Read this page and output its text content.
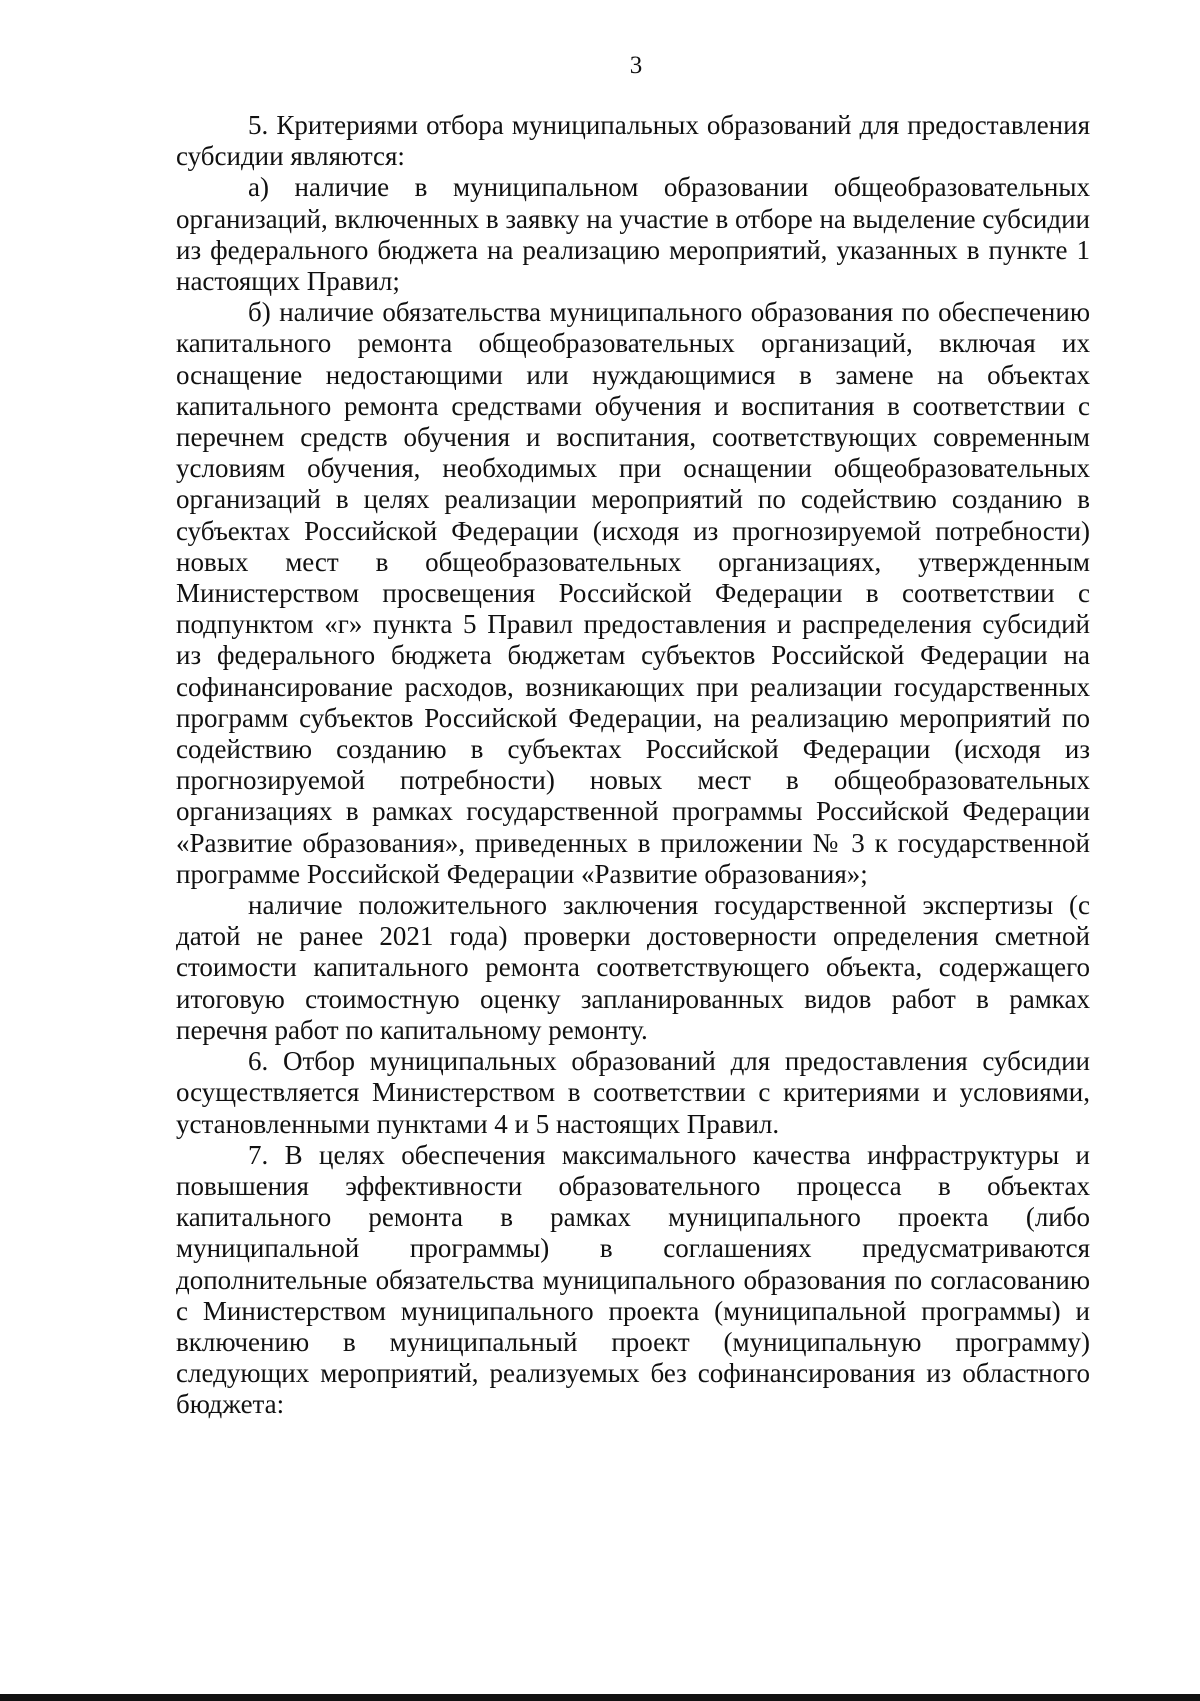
3

5. Критериями отбора муниципальных образований для предоставления субсидии являются:

а) наличие в муниципальном образовании общеобразовательных организаций, включенных в заявку на участие в отборе на выделение субсидии из федерального бюджета на реализацию мероприятий, указанных в пункте 1 настоящих Правил;

б) наличие обязательства муниципального образования по обеспечению капитального ремонта общеобразовательных организаций, включая их оснащение недостающими или нуждающимися в замене на объектах капитального ремонта средствами обучения и воспитания в соответствии с перечнем средств обучения и воспитания, соответствующих современным условиям обучения, необходимых при оснащении общеобразовательных организаций в целях реализации мероприятий по содействию созданию в субъектах Российской Федерации (исходя из прогнозируемой потребности) новых мест в общеобразовательных организациях, утвержденным Министерством просвещения Российской Федерации в соответствии с подпунктом «г» пункта 5 Правил предоставления и распределения субсидий из федерального бюджета бюджетам субъектов Российской Федерации на софинансирование расходов, возникающих при реализации государственных программ субъектов Российской Федерации, на реализацию мероприятий по содействию созданию в субъектах Российской Федерации (исходя из прогнозируемой потребности) новых мест в общеобразовательных организациях в рамках государственной программы Российской Федерации «Развитие образования», приведенных в приложении № 3 к государственной программе Российской Федерации «Развитие образования»;

наличие положительного заключения государственной экспертизы (с датой не ранее 2021 года) проверки достоверности определения сметной стоимости капитального ремонта соответствующего объекта, содержащего итоговую стоимостную оценку запланированных видов работ в рамках перечня работ по капитальному ремонту.

6. Отбор муниципальных образований для предоставления субсидии осуществляется Министерством в соответствии с критериями и условиями, установленными пунктами 4 и 5 настоящих Правил.

7. В целях обеспечения максимального качества инфраструктуры и повышения эффективности образовательного процесса в объектах капитального ремонта в рамках муниципального проекта (либо муниципальной программы) в соглашениях предусматриваются дополнительные обязательства муниципального образования по согласованию с Министерством муниципального проекта (муниципальной программы) и включению в муниципальный проект (муниципальную программу) следующих мероприятий, реализуемых без софинансирования из областного бюджета:
